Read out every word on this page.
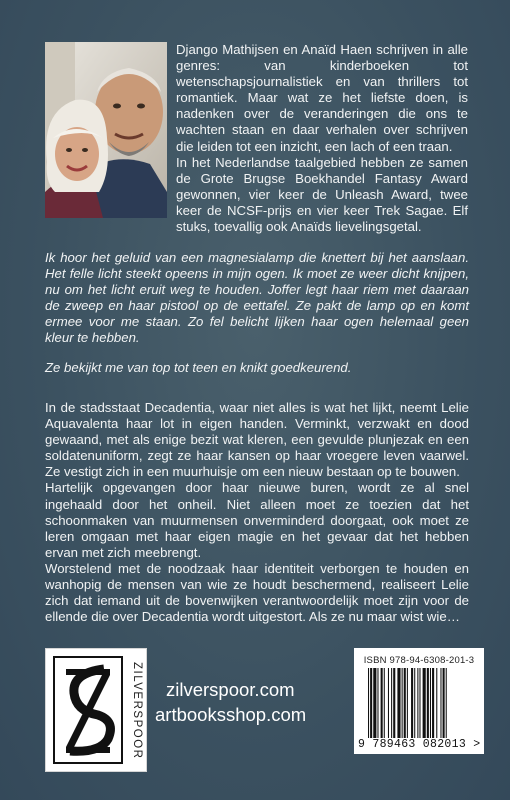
Django Mathijsen en Anaïd Haen schrijven in alle genres: van kinderboeken tot wetenschapsjournalistiek en van thrillers tot romantiek. Maar wat ze het liefste doen, is nadenken over de veranderingen die ons te wachten staan en daar verhalen over schrijven die leiden tot een inzicht, een lach of een traan.

In het Nederlandse taalgebied hebben ze samen de Grote Brugse Boekhandel Fantasy Award gewonnen, vier keer de Unleash Award, twee keer de NCSF-prijs en vier keer Trek Sagae. Elf stuks, toevallig ook Anaïds lievelingsgetal.

Ik hoor het geluid van een magnesialamp die knettert bij het aanslaan. Het felle licht steekt opeens in mijn ogen. Ik moet ze weer dicht knijpen, nu om het licht eruit weg te houden. Joffer legt haar riem met daaraan de zweep en haar pistool op de eettafel. Ze pakt de lamp op en komt ermee voor me staan. Zo fel belicht lijken haar ogen helemaal geen kleur te hebben.

Ze bekijkt me van top tot teen en knikt goedkeurend.

In de stadsstaat Decadentia, waar niet alles is wat het lijkt, neemt Lelie Aquavalenta haar lot in eigen handen. Verminkt, verzwakt en dood gewaand, met als enige bezit wat kleren, een gevulde plunjezak en een soldatenuniform, zegt ze haar kansen op haar vroegere leven vaarwel. Ze vestigt zich in een muurhuisje om een nieuw bestaan op te bouwen.

Hartelijk opgevangen door haar nieuwe buren, wordt ze al snel ingehaald door het onheil. Niet alleen moet ze toezien dat het schoonmaken van muurmensen onverminderd doorgaat, ook moet ze leren omgaan met haar eigen magie en het gevaar dat het hebben ervan met zich meebrengt.

Worstelend met de noodzaak haar identiteit verborgen te houden en wanhopig de mensen van wie ze houdt beschermend, realiseert Lelie zich dat iemand uit de bovenwijken verantwoordelijk moet zijn voor de ellende die over Decadentia wordt uitgestort. Als ze nu maar wist wie…

ZILVERSPOOR zilverspoor.com
artbooksshop.com
ISBN 978-94-6308-201-3
9 789463 082013 >
